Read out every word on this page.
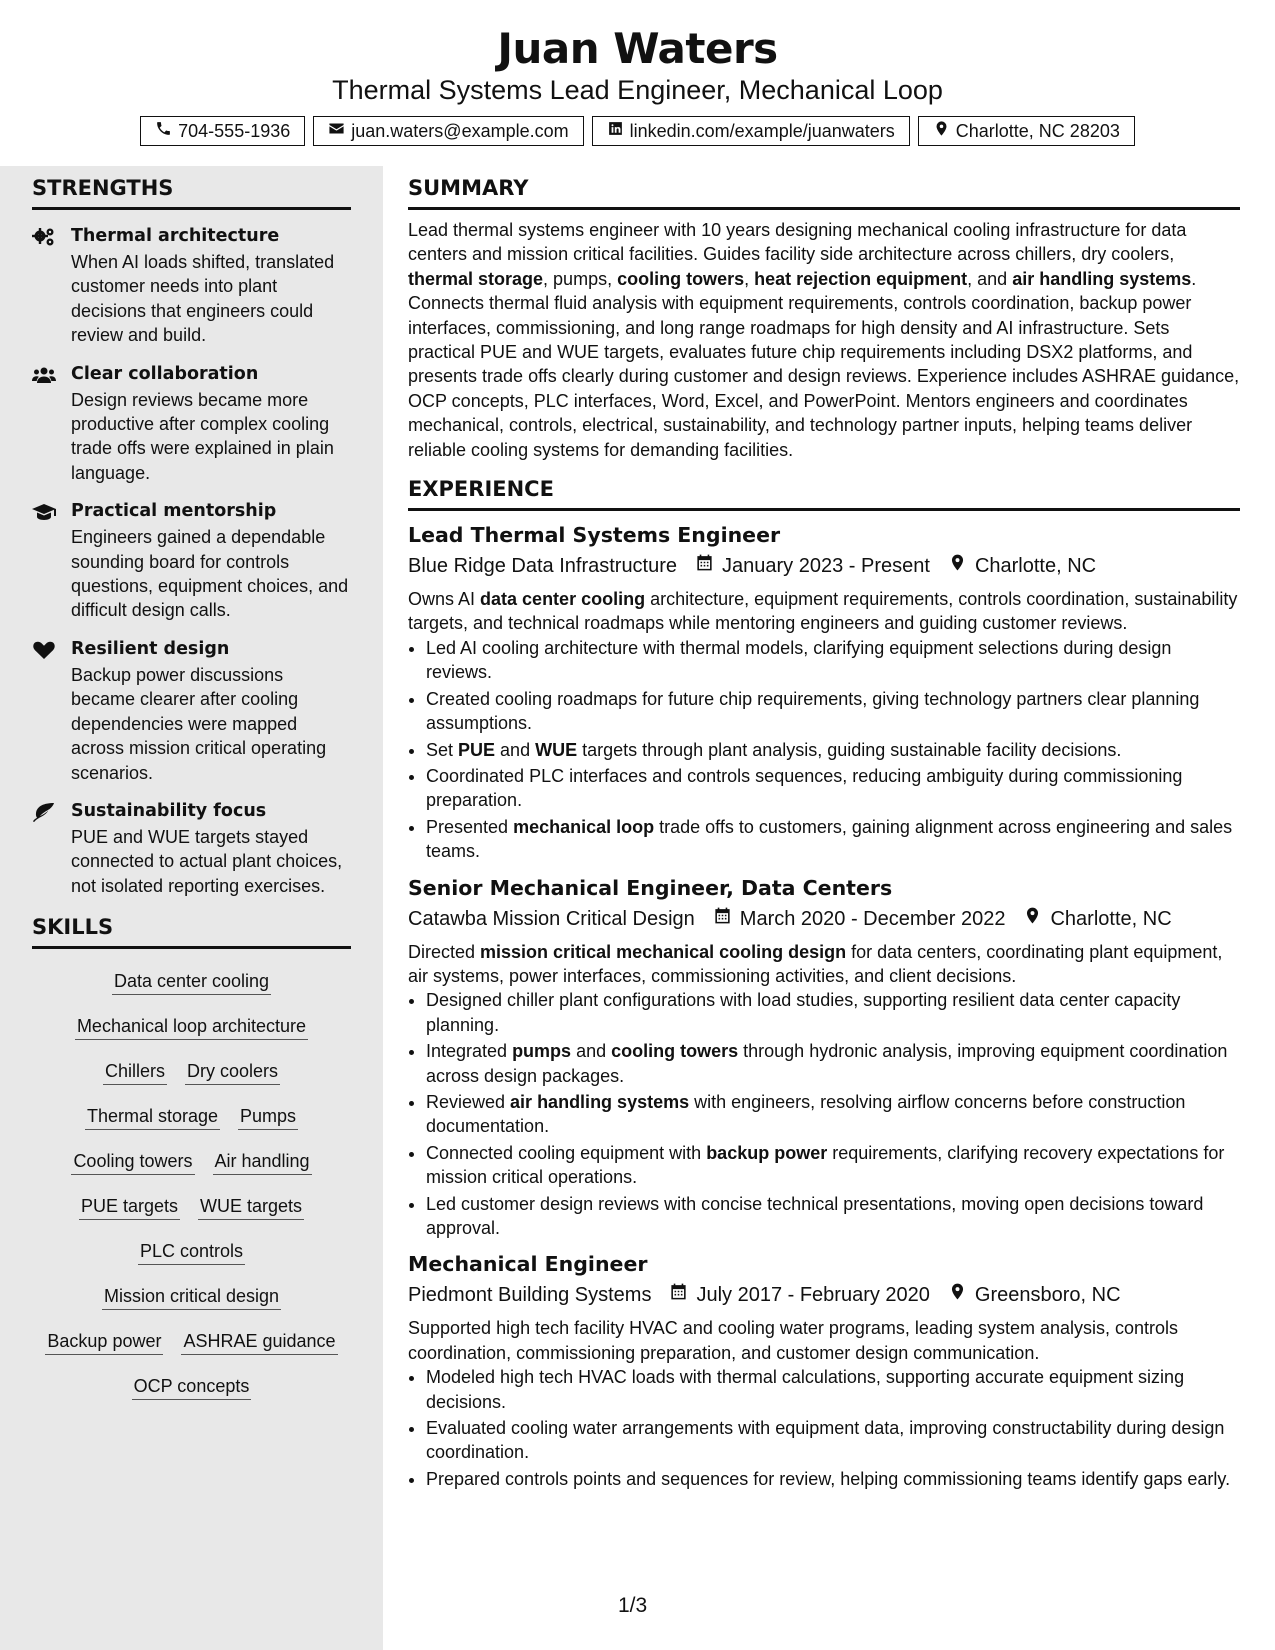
Juan Waters
Thermal Systems Lead Engineer, Mechanical Loop
704-555-1936	juan.waters@example.com	linkedin.com/example/juanwaters	Charlotte, NC 28203
STRENGTHS
Thermal architecture
When AI loads shifted, translated customer needs into plant decisions that engineers could review and build.
Clear collaboration
Design reviews became more productive after complex cooling trade offs were explained in plain language.
Practical mentorship
Engineers gained a dependable sounding board for controls questions, equipment choices, and difficult design calls.
Resilient design
Backup power discussions became clearer after cooling dependencies were mapped across mission critical operating scenarios.
Sustainability focus
PUE and WUE targets stayed connected to actual plant choices, not isolated reporting exercises.
SKILLS
Data center cooling
Mechanical loop architecture
Chillers Dry coolers
Thermal storage Pumps
Cooling towers Air handling
PUE targets WUE targets
PLC controls
Mission critical design
Backup power ASHRAE guidance
OCP concepts
SUMMARY
Lead thermal systems engineer with 10 years designing mechanical cooling infrastructure for data centers and mission critical facilities. Guides facility side architecture across chillers, dry coolers, thermal storage, pumps, cooling towers, heat rejection equipment, and air handling systems. Connects thermal fluid analysis with equipment requirements, controls coordination, backup power interfaces, commissioning, and long range roadmaps for high density and AI infrastructure. Sets practical PUE and WUE targets, evaluates future chip requirements including DSX2 platforms, and presents trade offs clearly during customer and design reviews. Experience includes ASHRAE guidance, OCP concepts, PLC interfaces, Word, Excel, and PowerPoint. Mentors engineers and coordinates mechanical, controls, electrical, sustainability, and technology partner inputs, helping teams deliver reliable cooling systems for demanding facilities.
EXPERIENCE
Lead Thermal Systems Engineer
Blue Ridge Data Infrastructure January 2023 - Present Charlotte, NC
Owns AI data center cooling architecture, equipment requirements, controls coordination, sustainability targets, and technical roadmaps while mentoring engineers and guiding customer reviews.
• Led AI cooling architecture with thermal models, clarifying equipment selections during design reviews.
• Created cooling roadmaps for future chip requirements, giving technology partners clear planning assumptions.
• Set PUE and WUE targets through plant analysis, guiding sustainable facility decisions.
• Coordinated PLC interfaces and controls sequences, reducing ambiguity during commissioning preparation.
• Presented mechanical loop trade offs to customers, gaining alignment across engineering and sales teams.
Senior Mechanical Engineer, Data Centers
Catawba Mission Critical Design March 2020 - December 2022 Charlotte, NC
Directed mission critical mechanical cooling design for data centers, coordinating plant equipment, air systems, power interfaces, commissioning activities, and client decisions.
• Designed chiller plant configurations with load studies, supporting resilient data center capacity planning.
• Integrated pumps and cooling towers through hydronic analysis, improving equipment coordination across design packages.
• Reviewed air handling systems with engineers, resolving airflow concerns before construction documentation.
• Connected cooling equipment with backup power requirements, clarifying recovery expectations for mission critical operations.
• Led customer design reviews with concise technical presentations, moving open decisions toward approval.
Mechanical Engineer
Piedmont Building Systems July 2017 - February 2020 Greensboro, NC
Supported high tech facility HVAC and cooling water programs, leading system analysis, controls coordination, commissioning preparation, and customer design communication.
• Modeled high tech HVAC loads with thermal calculations, supporting accurate equipment sizing decisions.
• Evaluated cooling water arrangements with equipment data, improving constructability during design coordination.
• Prepared controls points and sequences for review, helping commissioning teams identify gaps early.
1/3
